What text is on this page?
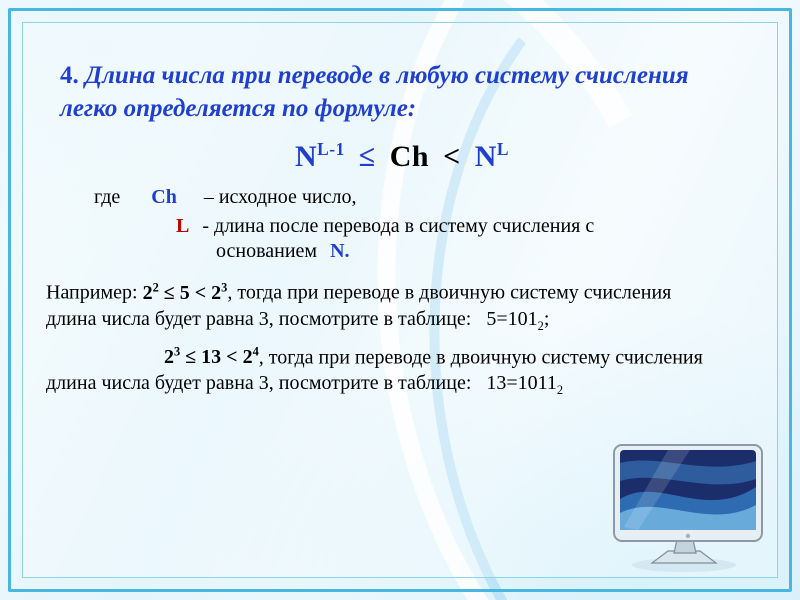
4. Длина числа при переводе в любую систему счисления легко определяется по формуле:
$N^{L-1} \le Ch < N^L$
где Ch – исходное число,
L - длина после перевода в систему счисления с
основанием N.
Например: $2^2 \le 5 < 2^3$, тогда при переводе в двоичную систему счисления длина числа будет равна 3, посмотрите в таблице: $5=101_2$;
$2^3 \le 13 < 2^4$, тогда при переводе в двоичную систему счисления длина числа будет равна 3, посмотрите в таблице: $13=1011_2$
